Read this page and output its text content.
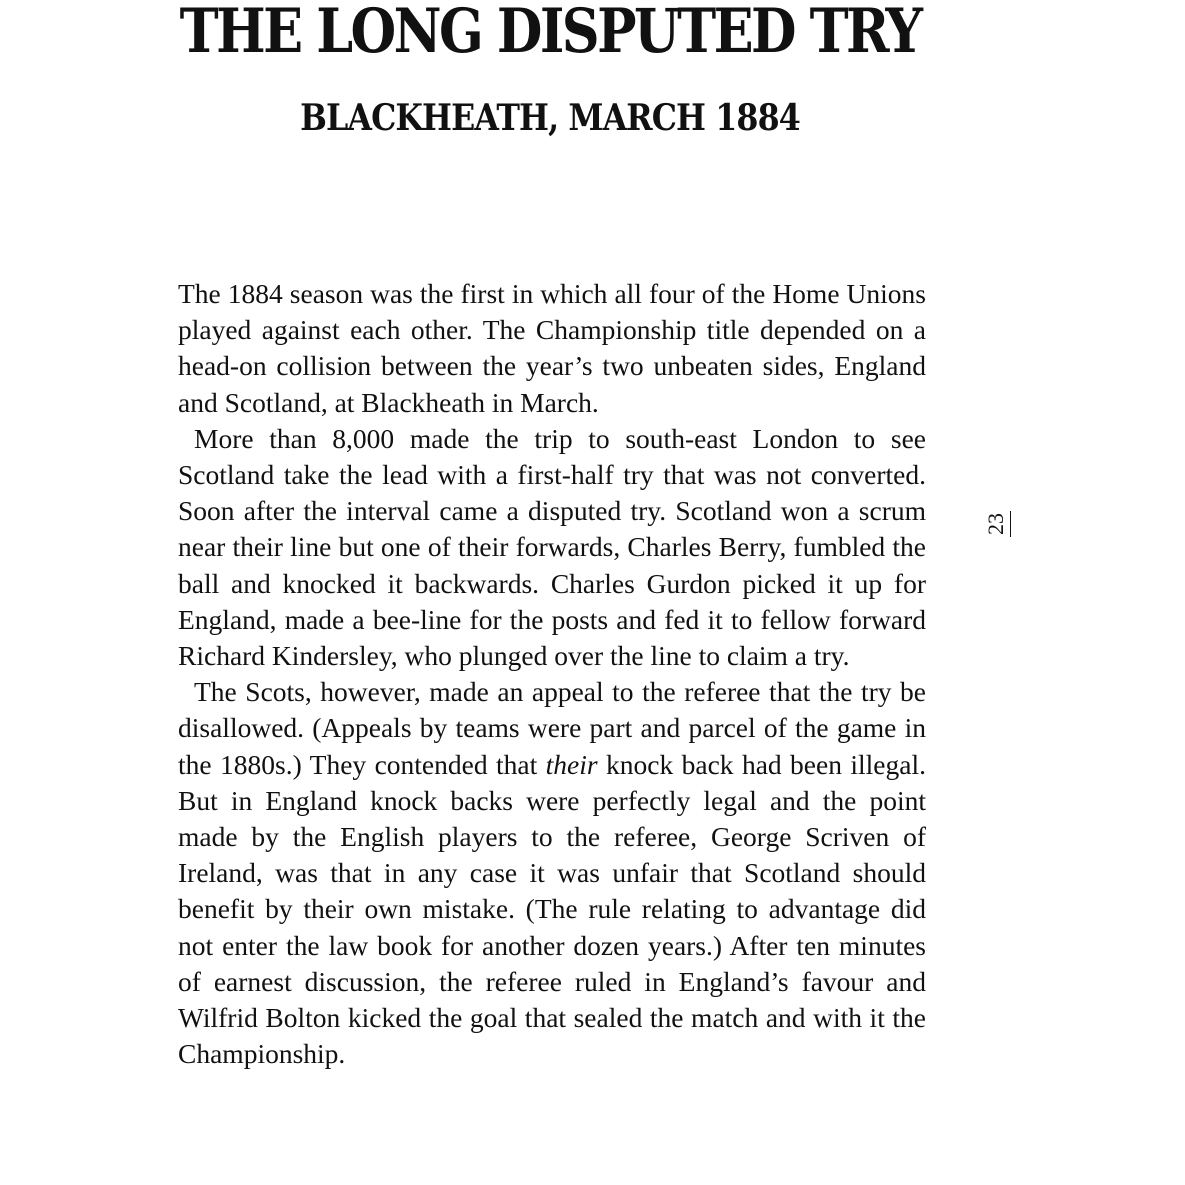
THE LONG DISPUTED TRY
BLACKHEATH, MARCH 1884

The 1884 season was the first in which all four of the Home Unions played against each other. The Championship title depended on a head-on collision between the year’s two unbeaten sides, England and Scotland, at Blackheath in March.

More than 8,000 made the trip to south-east London to see Scotland take the lead with a first-half try that was not converted. Soon after the interval came a disputed try. Scotland won a scrum near their line but one of their forwards, Charles Berry, fumbled the ball and knocked it backwards. Charles Gurdon picked it up for England, made a bee-line for the posts and fed it to fellow forward Richard Kindersley, who plunged over the line to claim a try.

The Scots, however, made an appeal to the referee that the try be disallowed. (Appeals by teams were part and parcel of the game in the 1880s.) They contended that their knock back had been illegal. But in England knock backs were perfectly legal and the point made by the English players to the referee, George Scriven of Ireland, was that in any case it was unfair that Scotland should benefit by their own mistake. (The rule relating to advantage did not enter the law book for another dozen years.) After ten minutes of earnest discussion, the referee ruled in England’s favour and Wilfrid Bolton kicked the goal that sealed the match and with it the Championship.

23
